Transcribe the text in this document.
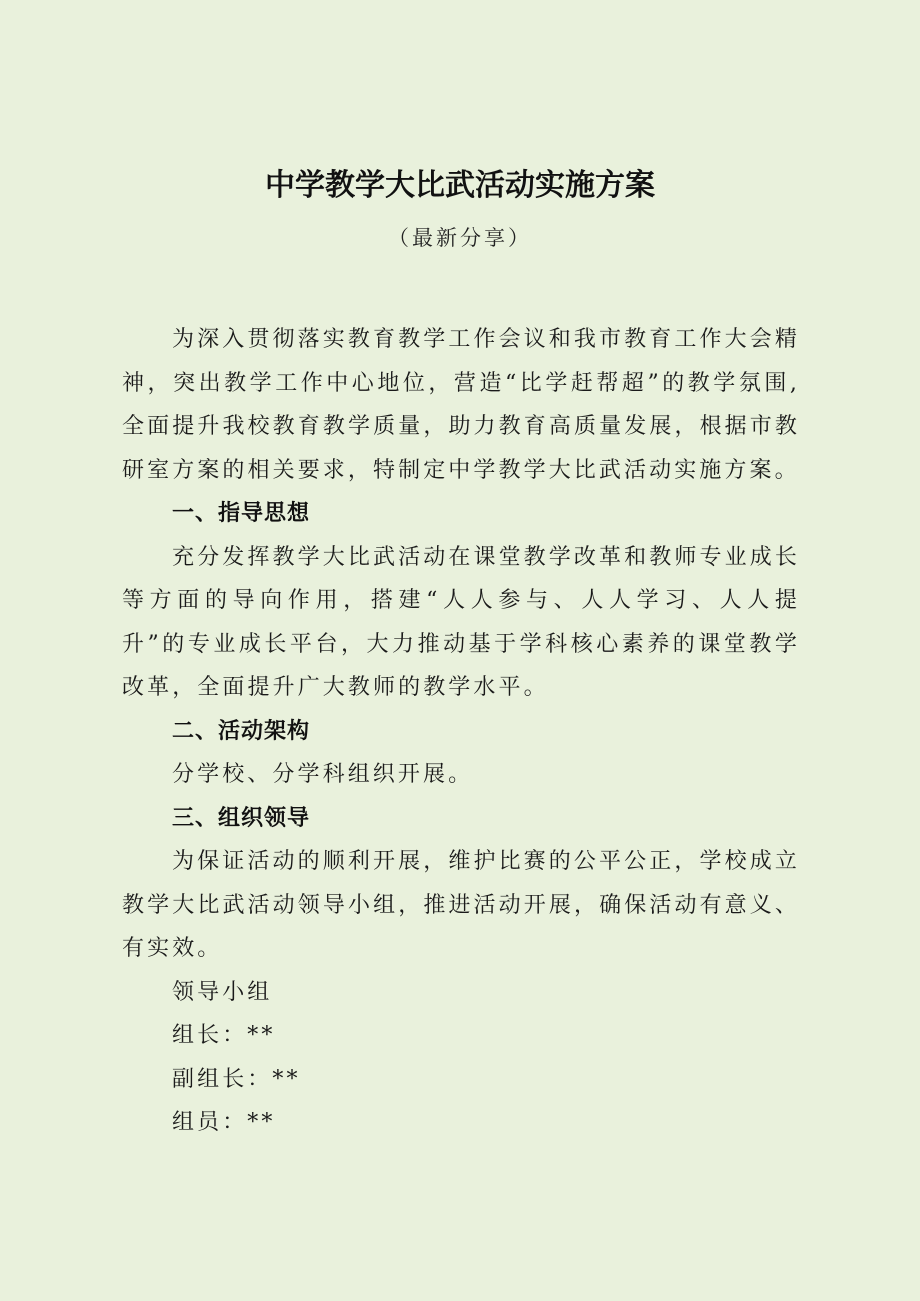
中学教学大比武活动实施方案
（最新分享）

为深入贯彻落实教育教学工作会议和我市教育工作大会精神，突出教学工作中心地位，营造“比学赶帮超”的教学氛围,全面提升我校教育教学质量，助力教育高质量发展，根据市教研室方案的相关要求，特制定中学教学大比武活动实施方案。

一、指导思想

充分发挥教学大比武活动在课堂教学改革和教师专业成长等方面的导向作用，搭建“人人参与、人人学习、人人提升”的专业成长平台，大力推动基于学科核心素养的课堂教学改革，全面提升广大教师的教学水平。

二、活动架构

分学校、分学科组织开展。

三、组织领导

为保证活动的顺利开展，维护比赛的公平公正，学校成立教学大比武活动领导小组，推进活动开展，确保活动有意义、有实效。

领导小组

组长：**

副组长：**

组员：**
